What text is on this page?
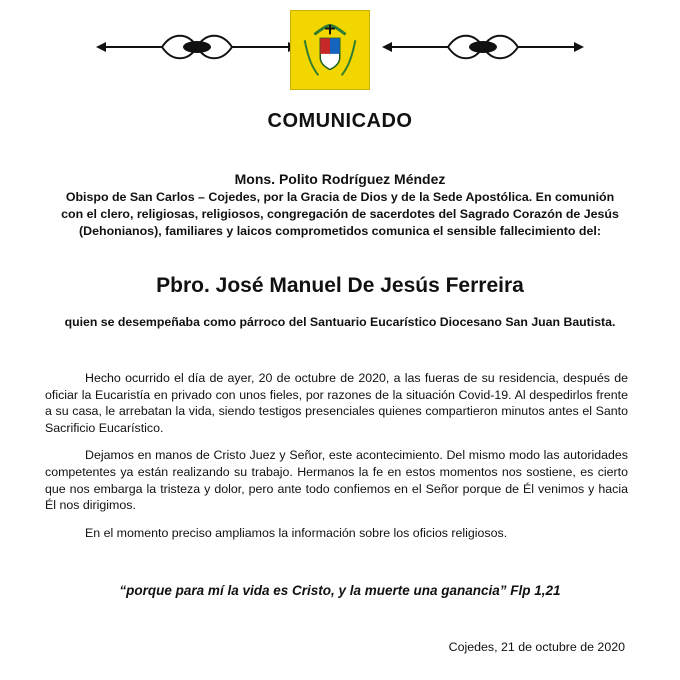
COMUNICADO
Mons. Polito Rodríguez Méndez
Obispo de San Carlos – Cojedes, por la Gracia de Dios y de la Sede Apostólica. En comunión
con el clero, religiosas, religiosos, congregación de sacerdotes del Sagrado Corazón de Jesús
(Dehonianos), familiares y laicos comprometidos comunica el sensible fallecimiento del:
Pbro. José Manuel De Jesús Ferreira
quien se desempeñaba como párroco del Santuario Eucarístico Diocesano San Juan Bautista.

Hecho ocurrido el día de ayer, 20 de octubre de 2020, a las fueras de su residencia, después de oficiar la Eucaristía en privado con unos fieles, por razones de la situación Covid-19. Al despedirlos frente a su casa, le arrebatan la vida, siendo testigos presenciales quienes compartieron minutos antes el Santo Sacrificio Eucarístico.

Dejamos en manos de Cristo Juez y Señor, este acontecimiento. Del mismo modo las autoridades competentes ya están realizando su trabajo. Hermanos la fe en estos momentos nos sostiene, es cierto que nos embarga la tristeza y dolor, pero ante todo confiemos en el Señor porque de Él venimos y hacia Él nos dirigimos.

En el momento preciso ampliamos la información sobre los oficios religiosos.

“porque para mí la vida es Cristo, y la muerte una ganancia” Flp 1,21
Cojedes, 21 de octubre de 2020
